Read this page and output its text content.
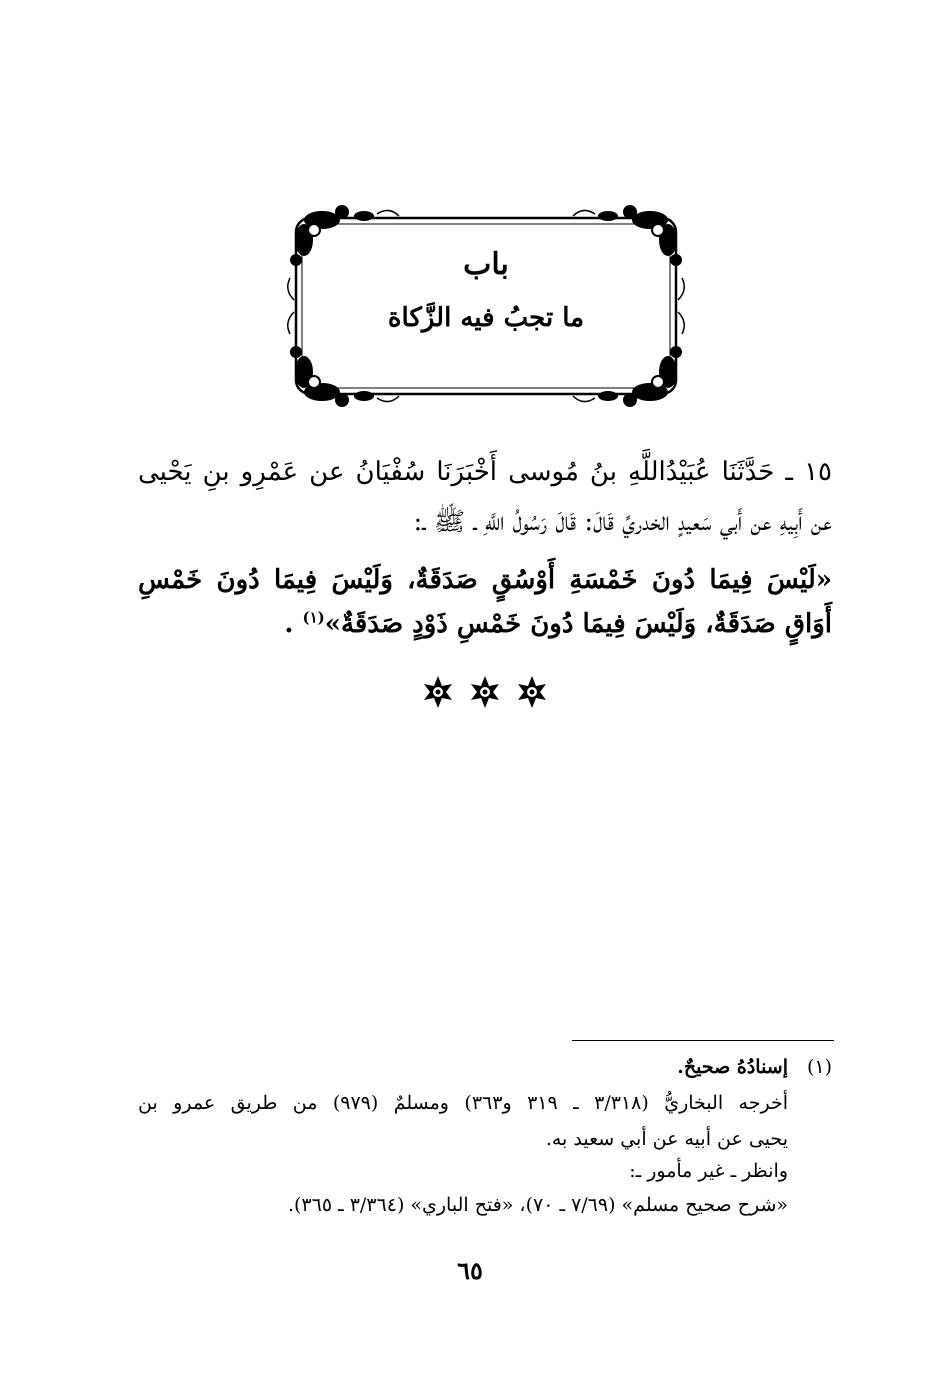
باب
ما تجبُ فيه الزَّكاة
١٥ ـ حَدَّثَنَا عُبَيْدُاللَّهِ بنُ مُوسى أَخْبَرَنَا سُفْيَانُ عن عَمْرِو بنِ يَحْيى
عن أَبِيهِ عن أَبي سَعيدٍ الخدريِّ قَالَ: قَالَ رَسُولُ اللَّهِ ـ ﷺ ـ:
«لَيْسَ فِيمَا دُونَ خَمْسَةِ أَوْسُقٍ صَدَقَةٌ، وَلَيْسَ فِيمَا دُونَ خَمْسِ
أَوَاقٍ صَدَقَةٌ، وَلَيْسَ فِيمَا دُونَ خَمْسِ ذَوْدٍ صَدَقَةٌ»$^{(١)}$ .
(١)
إسنادُهُ صحيحٌ.
أخرجه البخاريُّ (٣/٣١٨ ـ ٣١٩ و٣٦٣) ومسلمٌ (٩٧٩) من طريق عمرو بن
يحيى عن أبيه عن أبي سعيد به.
وانظر ـ غير مأمور ـ:
«شرح صحيح مسلم» (٧/٦٩ ـ ٧٠)، «فتح الباري» (٣/٣٦٤ ـ ٣٦٥).
٦٥
